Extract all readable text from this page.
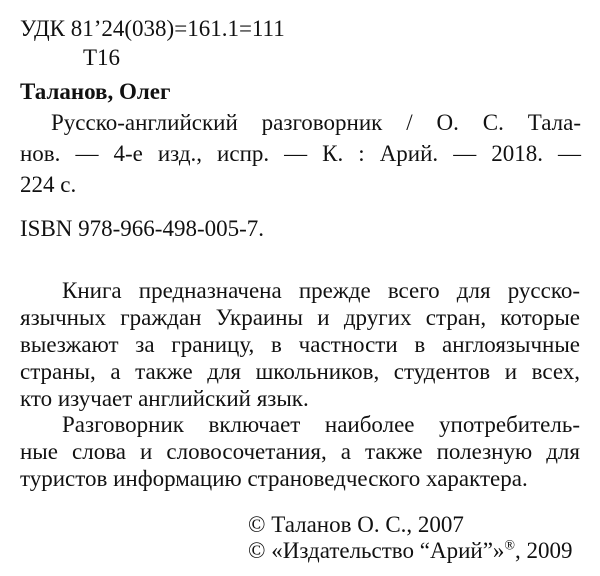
УДК 81’24(038)=161.1=111
Т16
Таланов, Олег
Русско-английский разговорник / О. С. Тала-
нов. — 4-е изд., испр. — К. : Арий. — 2018. —
224 с.
ISBN 978-966-498-005-7.
Книга предназначена прежде всего для русско-
язычных граждан Украины и других стран, которые
выезжают за границу, в частности в англоязычные
страны, а также для школьников, студентов и всех,
кто изучает английский язык.
Разговорник включает наиболее употребитель-
ные слова и словосочетания, а также полезную для
туристов информацию страноведческого характера.
© Таланов О. С., 2007
© «Издательство “Арий”»®, 2009
